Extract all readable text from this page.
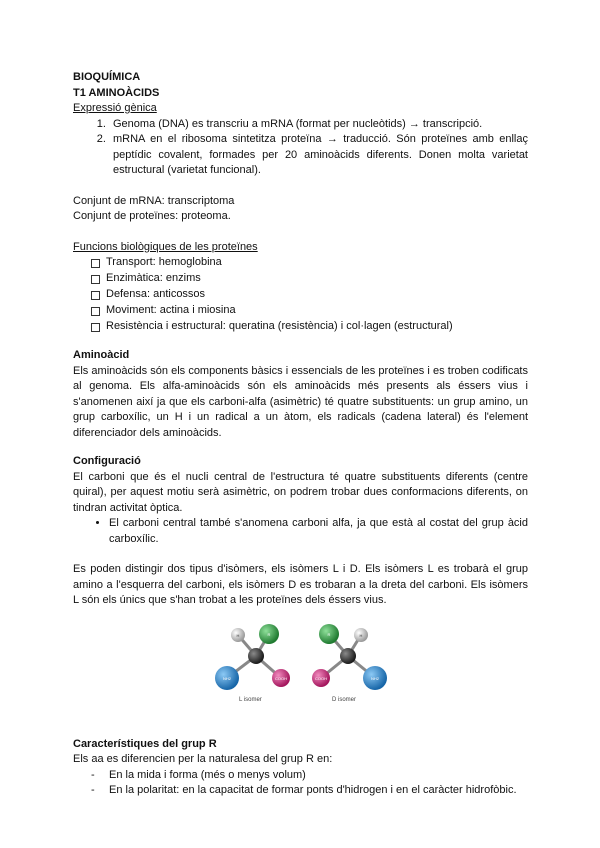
BIOQUÍMICA

T1 AMINOÀCIDS

Expressió gènica

1. Genoma (DNA) es transcriu a mRNA (format per nucleòtids) → transcripció.
2. mRNA en el ribosoma sintetitza proteïna → traducció. Són proteïnes amb enllaç peptídic covalent, formades per 20 aminoàcids diferents. Donen molta varietat estructural (varietat funcional).

Conjunt de mRNA: transcriptoma

Conjunt de proteïnes: proteoma.

Funcions biològiques de les proteïnes

Transport: hemoglobina
Enzimàtica: enzims
Defensa: anticossos
Moviment: actina i miosina
Resistència i estructural: queratina (resistència) i col·lagen (estructural)

Aminoàcid

Els aminoàcids són els components bàsics i essencials de les proteïnes i es troben codificats al genoma. Els alfa-aminoàcids són els aminoàcids més presents als éssers vius i s'anomenen així ja que els carboni-alfa (asimètric) té quatre substituents: un grup amino, un grup carboxílic, un H i un radical a un àtom, els radicals (cadena lateral) és l'element diferenciador dels aminoàcids.

Configuració

El carboni que és el nucli central de l'estructura té quatre substituents diferents (centre quiral), per aquest motiu serà asimètric, on podrem trobar dues conformacions diferents, on tindran activitat òptica.

• El carboni central també s'anomena carboni alfa, ja que està al costat del grup àcid carboxílic.

Es poden distingir dos tipus d'isòmers, els isòmers L i D. Els isòmers L es trobarà el grup amino a l'esquerra del carboni, els isòmers D es trobaran a la dreta del carboni. Els isòmers L són els únics que s'han trobat a les proteïnes dels éssers vius.

H	R
NH2	COOH
R	H
COOH	NH2
L isomer	D isomer

Característiques del grup R

Els aa es diferencien per la naturalesa del grup R en:

- En la mida i forma (més o menys volum)
- En la polaritat: en la capacitat de formar ponts d'hidrogen i en el caràcter hidrofòbic.
